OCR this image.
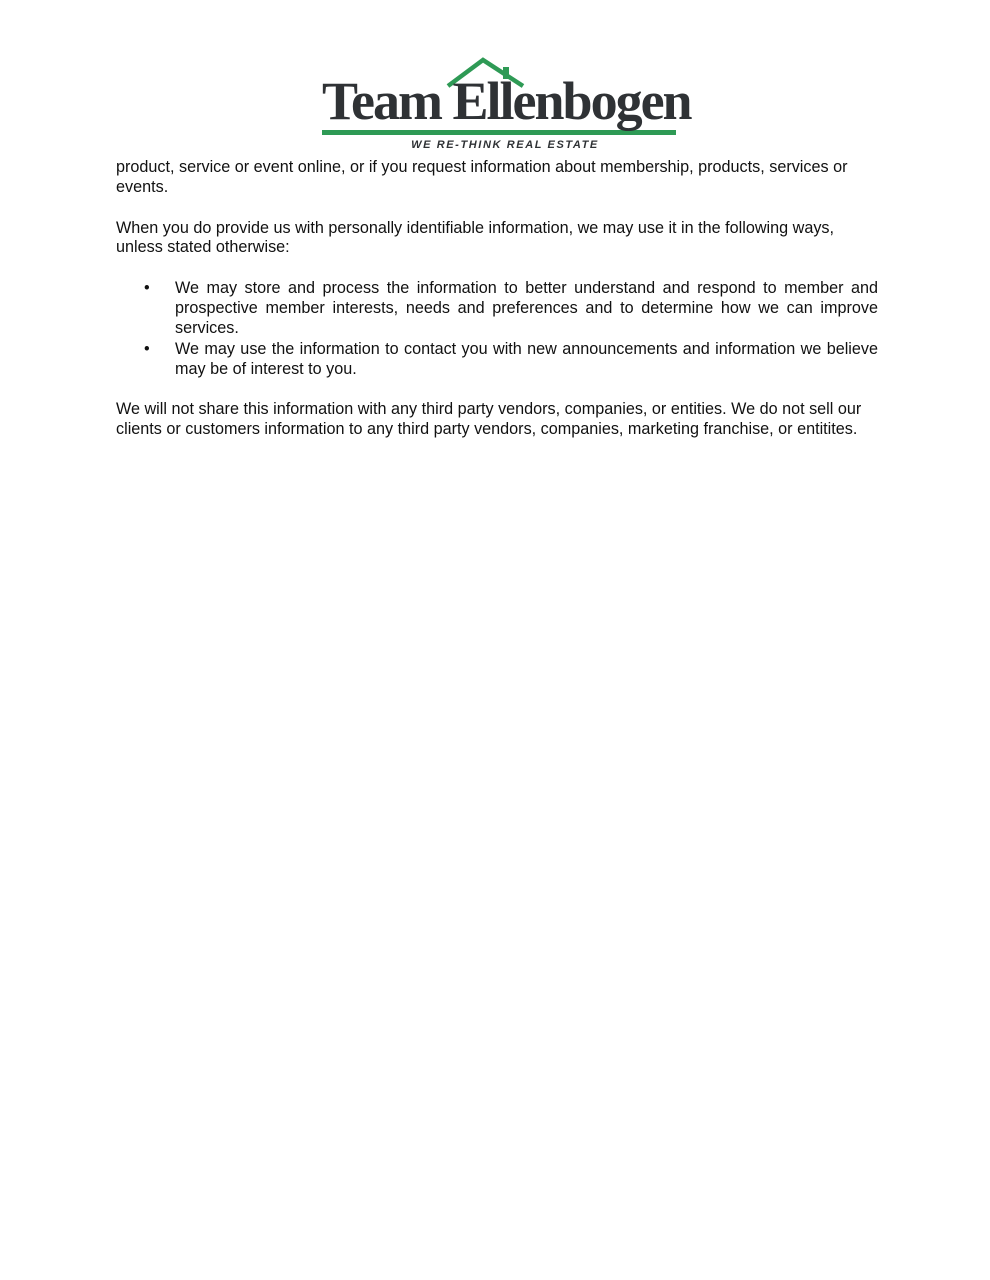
Team Ellenbogen
WE RE-THINK REAL ESTATE

product, service or event online, or if you request information about membership, products, services or events.

When you do provide us with personally identifiable information, we may use it in the following ways, unless stated otherwise:

• We may store and process the information to better understand and respond to member and prospective member interests, needs and preferences and to determine how we can improve services.
• We may use the information to contact you with new announcements and information we believe may be of interest to you.

We will not share this information with any third party vendors, companies, or entities. We do not sell our clients or customers information to any third party vendors, companies, marketing franchise, or entitites.
